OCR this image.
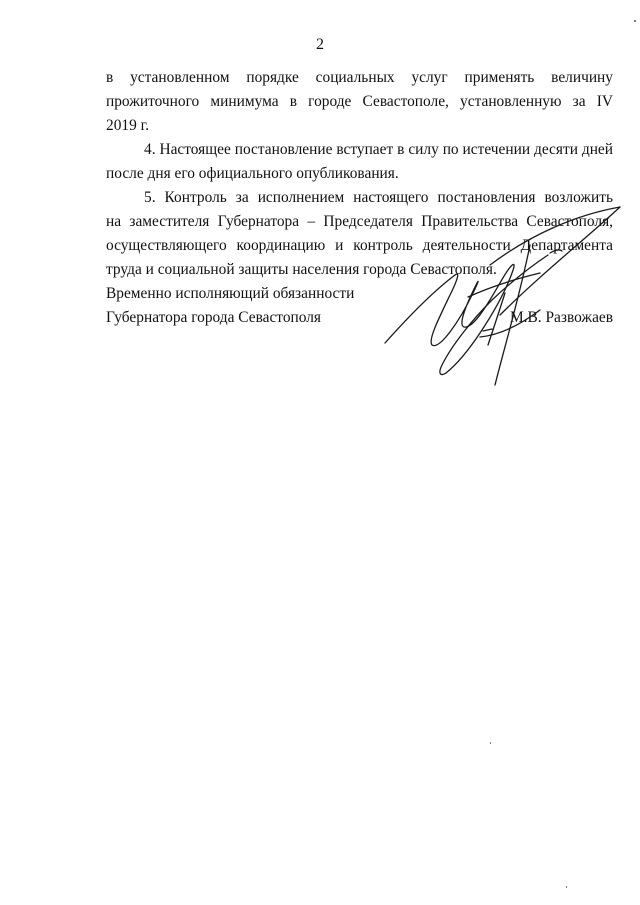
2
в установленном порядке социальных услуг применять величину
прожиточного минимума в городе Севастополе, установленную за IV
2019 г.
4. Настоящее постановление вступает в силу по истечении десяти дней
после дня его официального опубликования.
5. Контроль за исполнением настоящего постановления возложить
на заместителя Губернатора – Председателя Правительства Севастополя,
осуществляющего координацию и контроль деятельности Департамента
труда и социальной защиты населения города Севастополя.
Временно исполняющий обязанности
Губернатора города Севастополя	М.В. Развожаев
